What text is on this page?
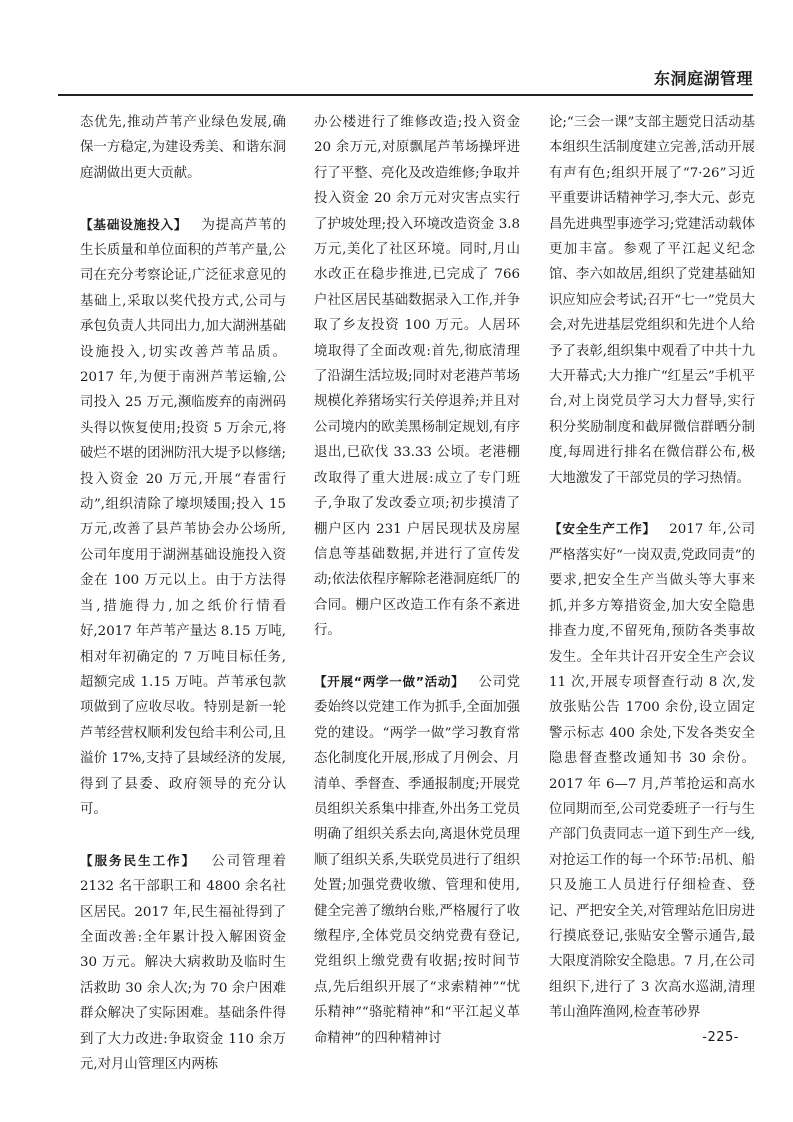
东洞庭湖管理

态优先,推动芦苇产业绿色发展,确保一方稳定,为建设秀美、和谐东洞庭湖做出更大贡献。

【基础设施投入】  为提高芦苇的生长质量和单位面积的芦苇产量,公司在充分考察论证,广泛征求意见的基础上,采取以奖代投方式,公司与承包负责人共同出力,加大湖洲基础设施投入,切实改善芦苇品质。2017 年,为便于南洲芦苇运输,公司投入 25 万元,濒临废弃的南洲码头得以恢复使用;投资 5 万余元,将破烂不堪的团洲防汛大堤予以修缮;投入资金 20 万元,开展“春雷行动”,组织清除了壕坝矮围;投入 15 万元,改善了县芦苇协会办公场所,公司年度用于湖洲基础设施投入资金在 100 万元以上。由于方法得当,措施得力,加之纸价行情看好,2017 年芦苇产量达 8.15 万吨,相对年初确定的 7 万吨目标任务,超额完成 1.15 万吨。芦苇承包款项做到了应收尽收。特别是新一轮芦苇经营权顺利发包给丰利公司,且溢价 17%,支持了县域经济的发展,得到了县委、政府领导的充分认可。

【服务民生工作】  公司管理着 2132 名干部职工和 4800 余名社区居民。2017 年,民生福祉得到了全面改善:全年累计投入解困资金 30 万元。解决大病救助及临时生活救助 30 余人次;为 70 余户困难群众解决了实际困难。基础条件得到了大力改进:争取资金 110 余万元,对月山管理区内两栋

办公楼进行了维修改造;投入资金 20 余万元,对原飘尾芦苇场操坪进行了平整、亮化及改造维修;争取并投入资金 20 余万元对灾害点实行了护坡处理;投入环境改造资金 3.8 万元,美化了社区环境。同时,月山水改正在稳步推进,已完成了 766 户社区居民基础数据录入工作,并争取了乡友投资 100 万元。人居环境取得了全面改观:首先,彻底清理了沿湖生活垃圾;同时对老港芦苇场规模化养猪场实行关停退养;并且对公司境内的欧美黑杨制定规划,有序退出,已砍伐 33.33 公顷。老港棚改取得了重大进展:成立了专门班子,争取了发改委立项;初步摸清了棚户区内 231 户居民现状及房屋信息等基础数据,并进行了宣传发动;依法依程序解除老港洞庭纸厂的合同。棚户区改造工作有条不紊进行。

【开展“两学一做”活动】  公司党委始终以党建工作为抓手,全面加强党的建设。“两学一做”学习教育常态化制度化开展,形成了月例会、月清单、季督查、季通报制度;开展党员组织关系集中排查,外出务工党员明确了组织关系去向,离退休党员理顺了组织关系,失联党员进行了组织处置;加强党费收缴、管理和使用,健全完善了缴纳台账,严格履行了收缴程序,全体党员交纳党费有登记,党组织上缴党费有收据;按时间节点,先后组织开展了“求索精神”“忧乐精神”“骆驼精神”和“平江起义革命精神”的四种精神讨

论;“三会一课”支部主题党日活动基本组织生活制度建立完善,活动开展有声有色;组织开展了“7·26”习近平重要讲话精神学习,李大元、彭克昌先进典型事迹学习;党建活动载体更加丰富。参观了平江起义纪念馆、李六如故居,组织了党建基础知识应知应会考试;召开“七一”党员大会,对先进基层党组织和先进个人给予了表彰,组织集中观看了中共十九大开幕式;大力推广“红星云”手机平台,对上岗党员学习大力督导,实行积分奖励制度和截屏微信群晒分制度,每周进行排名在微信群公布,极大地激发了干部党员的学习热情。

【安全生产工作】  2017 年,公司严格落实好“一岗双责,党政同责”的要求,把安全生产当做头等大事来抓,并多方筹措资金,加大安全隐患排查力度,不留死角,预防各类事故发生。全年共计召开安全生产会议 11 次,开展专项督查行动 8 次,发放张贴公告 1700 余份,设立固定警示标志 400 余处,下发各类安全隐患督查整改通知书 30 余份。2017 年 6—7 月,芦苇抢运和高水位同期而至,公司党委班子一行与生产部门负责同志一道下到生产一线,对抢运工作的每一个环节:吊机、船只及施工人员进行仔细检查、登记、严把安全关,对管理站危旧房进行摸底登记,张贴安全警示通告,最大限度消除安全隐患。7 月,在公司组织下,进行了 3 次高水巡湖,清理苇山渔阵渔网,检查苇砂界

-225-
